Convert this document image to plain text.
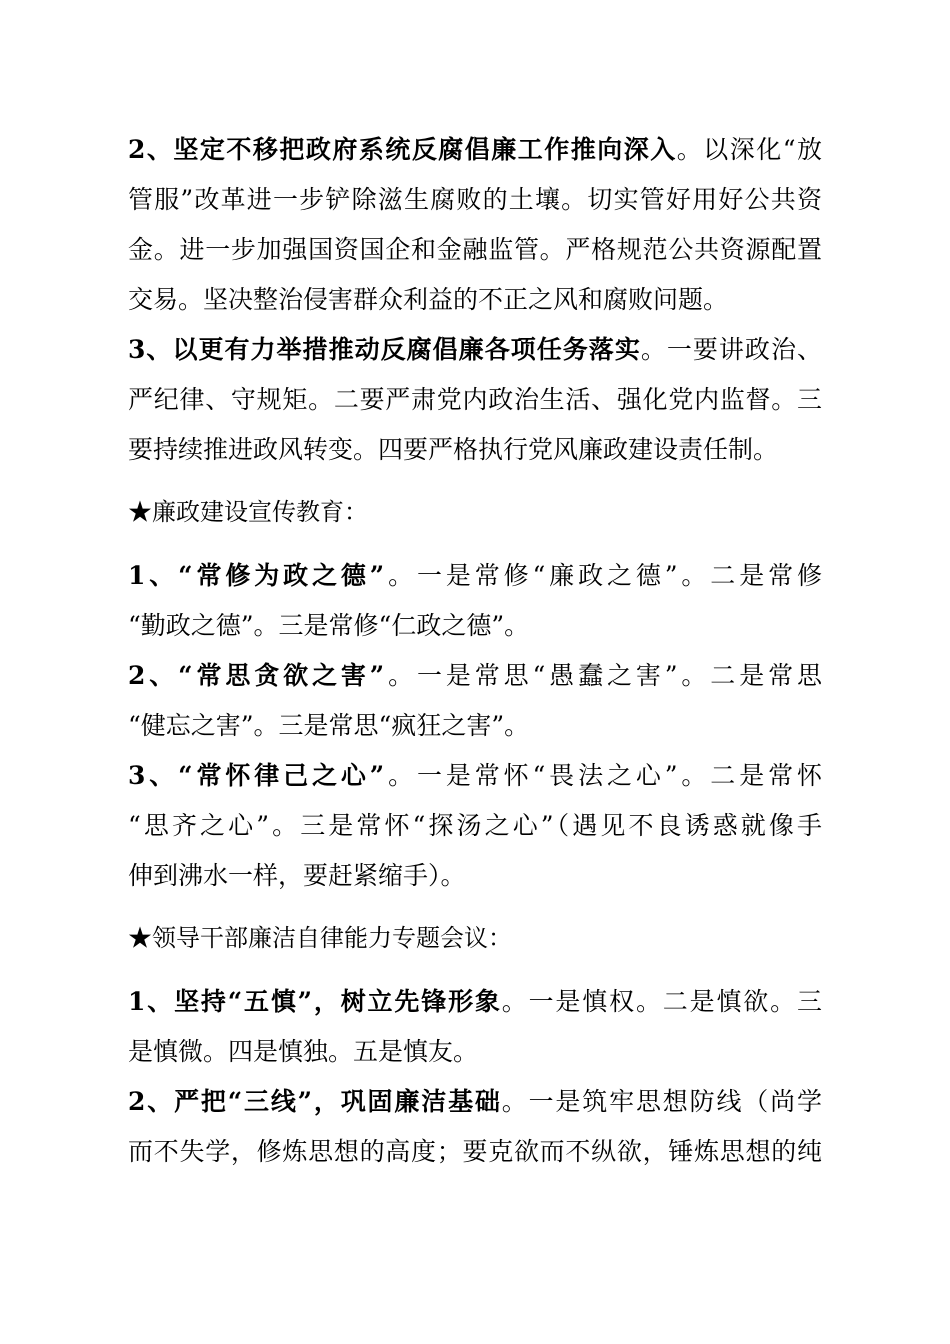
2、坚定不移把政府系统反腐倡廉工作推向深入。以深化“放
管服”改革进一步铲除滋生腐败的土壤。切实管好用好公共资
金。进一步加强国资国企和金融监管。严格规范公共资源配置
交易。坚决整治侵害群众利益的不正之风和腐败问题。
3、以更有力举措推动反腐倡廉各项任务落实。一要讲政治、
严纪律、守规矩。二要严肃党内政治生活、强化党内监督。三
要持续推进政风转变。四要严格执行党风廉政建设责任制。
★廉政建设宣传教育：
1、“常修为政之德”。一是常修“廉政之德”。二是常修
“勤政之德”。三是常修“仁政之德”。
2、“常思贪欲之害”。一是常思“愚蠢之害”。二是常思
“健忘之害”。三是常思“疯狂之害”。
3、“常怀律己之心”。一是常怀“畏法之心”。二是常怀
“思齐之心”。三是常怀“探汤之心”（遇见不良诱惑就像手
伸到沸水一样，要赶紧缩手）。
★领导干部廉洁自律能力专题会议：
1、坚持“五慎”，树立先锋形象。一是慎权。二是慎欲。三
是慎微。四是慎独。五是慎友。
2、严把“三线”，巩固廉洁基础。一是筑牢思想防线（尚学
而不失学，修炼思想的高度；要克欲而不纵欲，锤炼思想的纯
